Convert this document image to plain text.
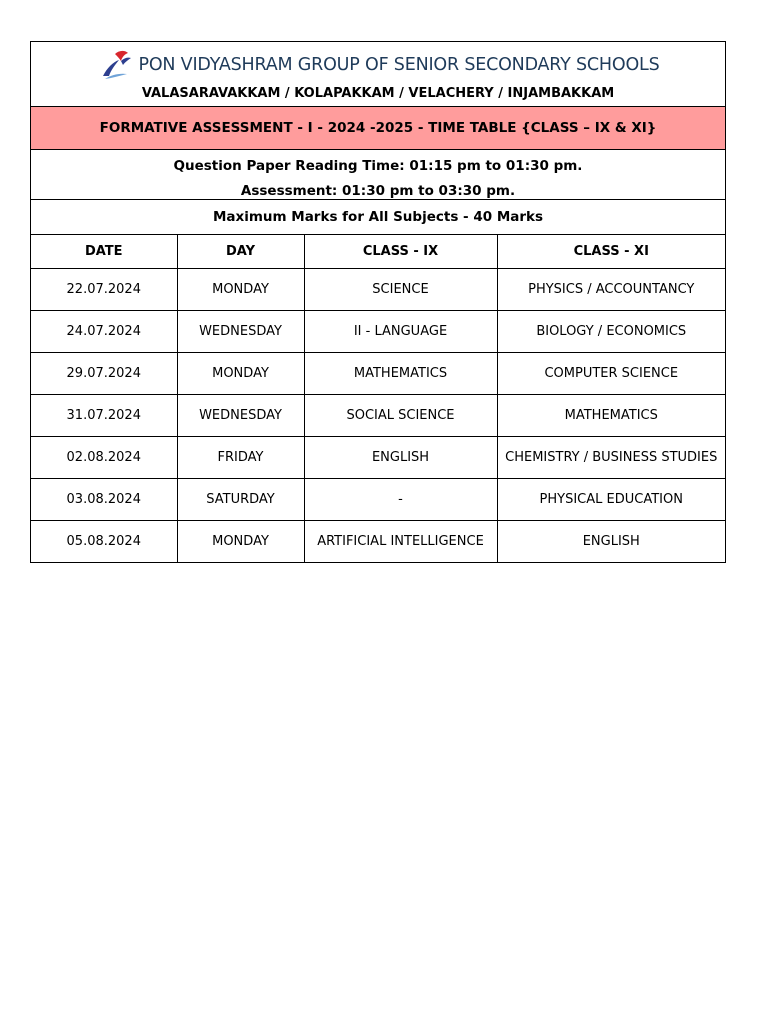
PON VIDYASHRAM GROUP OF SENIOR SECONDARY SCHOOLS
VALASARAVAKKAM / KOLAPAKKAM / VELACHERY / INJAMBAKKAM
FORMATIVE ASSESSMENT - I - 2024 -2025 - TIME TABLE {CLASS – IX & XI}
Question Paper Reading Time: 01:15 pm to 01:30 pm.
Assessment: 01:30 pm to 03:30 pm.
Maximum Marks for All Subjects - 40 Marks
DATE	DAY	CLASS - IX	CLASS - XI
22.07.2024	MONDAY	SCIENCE	PHYSICS / ACCOUNTANCY
24.07.2024	WEDNESDAY	II - LANGUAGE	BIOLOGY / ECONOMICS
29.07.2024	MONDAY	MATHEMATICS	COMPUTER SCIENCE
31.07.2024	WEDNESDAY	SOCIAL SCIENCE	MATHEMATICS
02.08.2024	FRIDAY	ENGLISH	CHEMISTRY / BUSINESS STUDIES
03.08.2024	SATURDAY	-	PHYSICAL EDUCATION
05.08.2024	MONDAY	ARTIFICIAL INTELLIGENCE	ENGLISH
